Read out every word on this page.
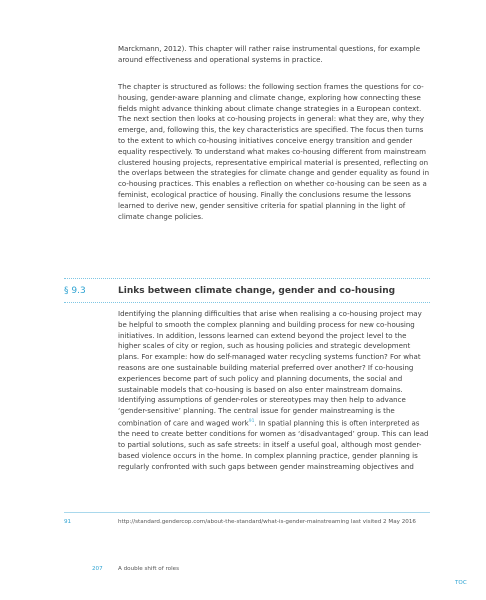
Marckmann, 2012). This chapter will rather raise instrumental questions, for example around effectiveness and operational systems in practice.

The chapter is structured as follows: the following section frames the questions for co-housing, gender-aware planning and climate change, exploring how connecting these fields might advance thinking about climate change strategies in a European context. The next section then looks at co-housing projects in general: what they are, why they emerge, and, following this, the key characteristics are specified. The focus then turns to the extent to which co-housing initiatives conceive energy transition and gender equality respectively. To understand what makes co-housing different from mainstream clustered housing projects, representative empirical material is presented, reflecting on the overlaps between the strategies for climate change and gender equality as found in co-housing practices. This enables a reflection on whether co-housing can be seen as a feminist, ecological practice of housing. Finally the conclusions resume the lessons learned to derive new, gender sensitive criteria for spatial planning in the light of climate change policies.

§ 9.3	Links between climate change, gender and co-housing

Identifying the planning difficulties that arise when realising a co-housing project may be helpful to smooth the complex planning and building process for new co-housing initiatives. In addition, lessons learned can extend beyond the project level to the higher scales of city or region, such as housing policies and strategic development plans. For example: how do self-managed water recycling systems function? For what reasons are one sustainable building material preferred over another? If co-housing experiences become part of such policy and planning documents, the social and sustainable models that co-housing is based on also enter mainstream domains. Identifying assumptions of gender-roles or stereotypes may then help to advance ‘gender-sensitive’ planning. The central issue for gender mainstreaming is the combination of care and waged work$^{91}$. In spatial planning this is often interpreted as the need to create better conditions for women as ‘disadvantaged’ group. This can lead to partial solutions, such as safe streets: in itself a useful goal, although most gender-based violence occurs in the home. In complex planning practice, gender planning is regularly confronted with such gaps between gender mainstreaming objectives and

91	http://standard.gendercop.com/about-the-standard/what-is-gender-mainstreaming last visited 2 May 2016
207	A double shift of roles
TOC
